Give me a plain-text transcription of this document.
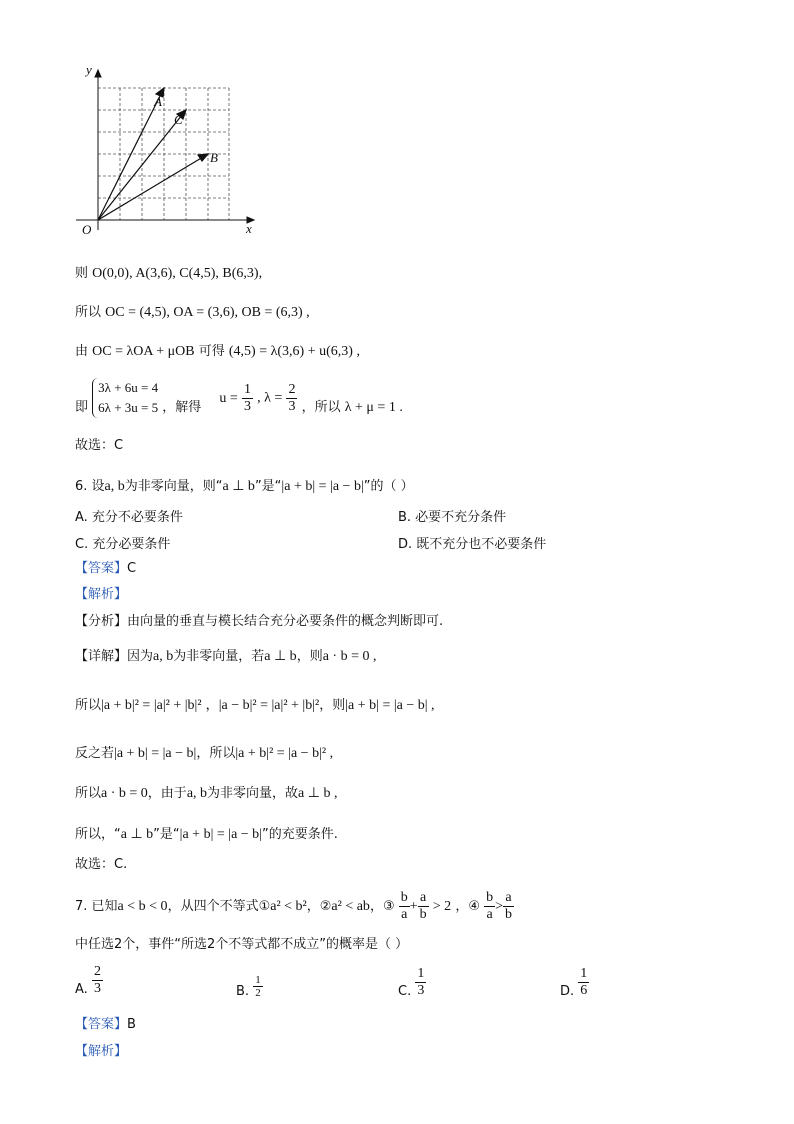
y
x
O
A
C
B
则 O(0,0), A(3,6), C(4,5), B(6,3),
所以 OC = (4,5), OA = (3,6), OB = (6,3) ,
由 OC = λOA + μOB 可得 (4,5) = λ(3,6) + u(6,3) ,
即
3λ + 6u = 4
6λ + 3u = 5 ，解得 $u = \frac{1}{3}$ , $\lambda = \frac{2}{3}$ ，所以 λ + μ = 1 .
故选：C
6. 设a, b为非零向量，则“a ⊥ b”是“|a + b| = |a − b|”的（ ）
A. 充分不必要条件	B. 必要不充分条件
C. 充分必要条件	D. 既不充分也不必要条件
【答案】C
【解析】
【分析】由向量的垂直与模长结合充分必要条件的概念判断即可.
【详解】因为a, b为非零向量，若a ⊥ b，则a · b = 0 ,
所以|a + b|² = |a|² + |b|² ，|a − b|² = |a|² + |b|²，则|a + b| = |a − b| ,
反之若|a + b| = |a − b|，所以|a + b|² = |a − b|² ,
所以a · b = 0，由于a, b为非零向量，故a ⊥ b ,
所以，“a ⊥ b”是“|a + b| = |a − b|”的充要条件.
故选：C.
7. 已知a < b < 0，从四个不等式①a² < b²，②a² < ab，③ $\frac{b}{a} + \frac{a}{b} > 2$ ，④ $\frac{b}{a} > \frac{a}{b}$
中任选2个，事件“所选2个不等式都不成立”的概率是（ ）
A. $\frac{2}{3}$	B. $\frac{1}{2}$	C. $\frac{1}{3}$	D. $\frac{1}{6}$
【答案】B
【解析】
